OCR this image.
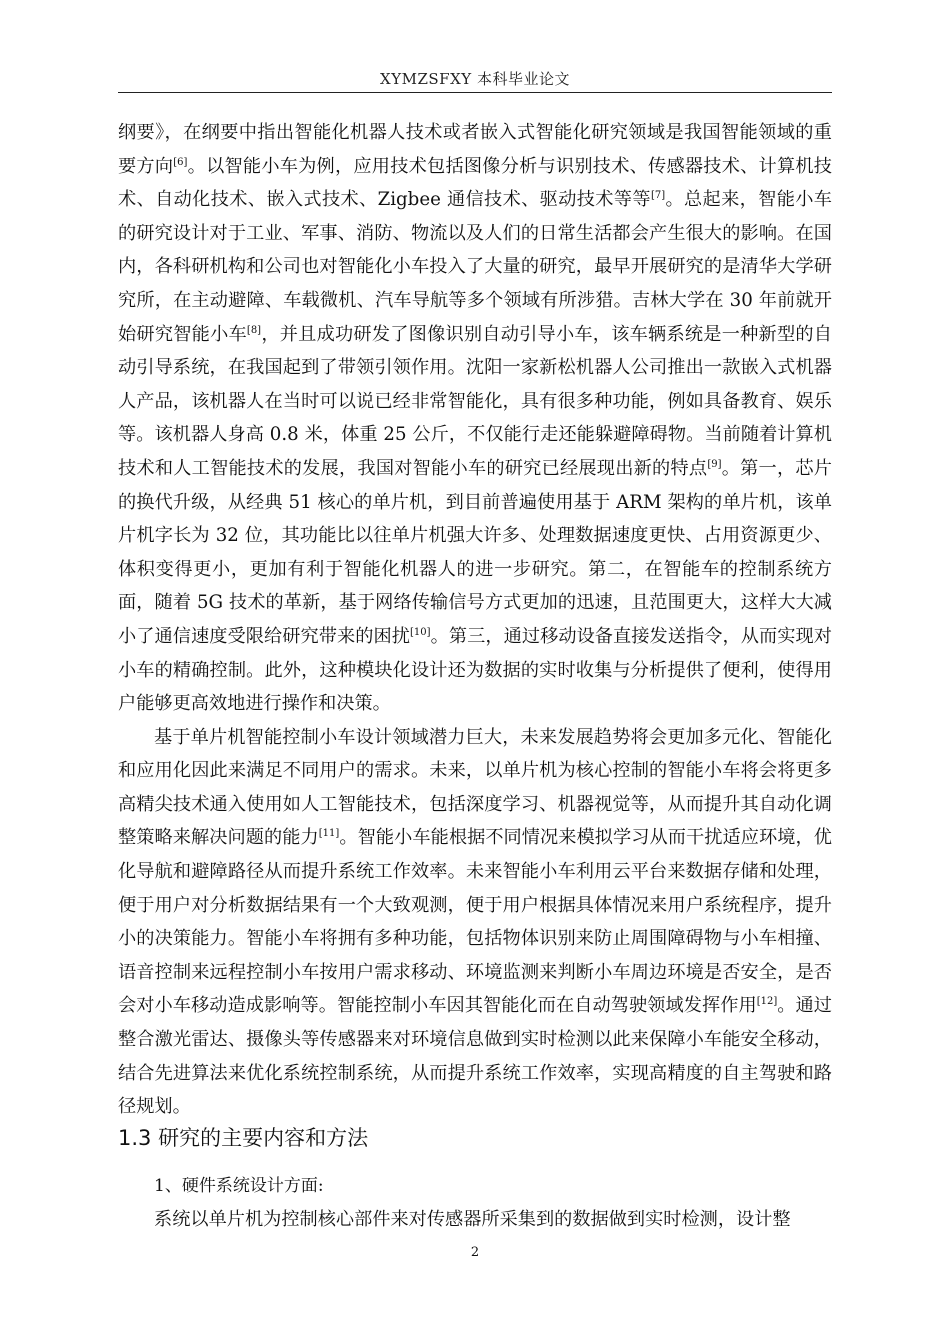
XYMZSFXY 本科毕业论文

纲要》，在纲要中指出智能化机器人技术或者嵌入式智能化研究领域是我国智能领域的重要方向[6]。以智能小车为例，应用技术包括图像分析与识别技术、传感器技术、计算机技术、自动化技术、嵌入式技术、Zigbee 通信技术、驱动技术等等[7]。总起来，智能小车的研究设计对于工业、军事、消防、物流以及人们的日常生活都会产生很大的影响。在国内，各科研机构和公司也对智能化小车投入了大量的研究，最早开展研究的是清华大学研究所，在主动避障、车载微机、汽车导航等多个领域有所涉猎。吉林大学在 30 年前就开始研究智能小车[8]，并且成功研发了图像识别自动引导小车，该车辆系统是一种新型的自动引导系统，在我国起到了带领引领作用。沈阳一家新松机器人公司推出一款嵌入式机器人产品，该机器人在当时可以说已经非常智能化，具有很多种功能，例如具备教育、娱乐等。该机器人身高 0.8 米，体重 25 公斤，不仅能行走还能躲避障碍物。当前随着计算机技术和人工智能技术的发展，我国对智能小车的研究已经展现出新的特点[9]。第一，芯片的换代升级，从经典 51 核心的单片机，到目前普遍使用基于 ARM 架构的单片机，该单片机字长为 32 位，其功能比以往单片机强大许多、处理数据速度更快、占用资源更少、体积变得更小，更加有利于智能化机器人的进一步研究。第二，在智能车的控制系统方面，随着 5G 技术的革新，基于网络传输信号方式更加的迅速，且范围更大，这样大大减小了通信速度受限给研究带来的困扰[10]。第三，通过移动设备直接发送指令，从而实现对小车的精确控制。此外，这种模块化设计还为数据的实时收集与分析提供了便利，使得用户能够更高效地进行操作和决策。

基于单片机智能控制小车设计领域潜力巨大，未来发展趋势将会更加多元化、智能化和应用化因此来满足不同用户的需求。未来，以单片机为核心控制的智能小车将会将更多高精尖技术通入使用如人工智能技术，包括深度学习、机器视觉等，从而提升其自动化调整策略来解决问题的能力[11]。智能小车能根据不同情况来模拟学习从而干扰适应环境，优化导航和避障路径从而提升系统工作效率。未来智能小车利用云平台来数据存储和处理，便于用户对分析数据结果有一个大致观测，便于用户根据具体情况来用户系统程序，提升小的决策能力。智能小车将拥有多种功能，包括物体识别来防止周围障碍物与小车相撞、语音控制来远程控制小车按用户需求移动、环境监测来判断小车周边环境是否安全，是否会对小车移动造成影响等。智能控制小车因其智能化而在自动驾驶领域发挥作用[12]。通过整合激光雷达、摄像头等传感器来对环境信息做到实时检测以此来保障小车能安全移动，结合先进算法来优化系统控制系统，从而提升系统工作效率，实现高精度的自主驾驶和路径规划。

1.3 研究的主要内容和方法

1、硬件系统设计方面:

系统以单片机为控制核心部件来对传感器所采集到的数据做到实时检测，设计整

2
